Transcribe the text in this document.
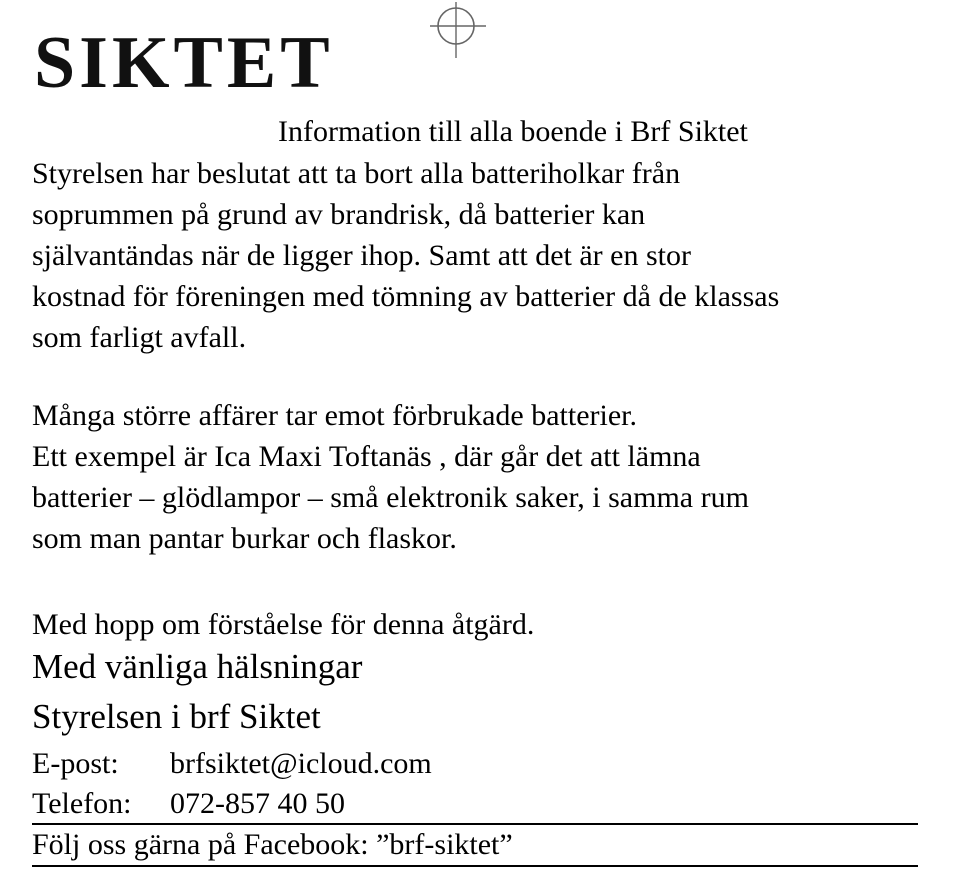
SIKTET
Information till alla boende i Brf Siktet
Styrelsen har beslutat att ta bort alla batteriholkar från
soprummen på grund av brandrisk, då batterier kan
självantändas när de ligger ihop. Samt att det är en stor
kostnad för föreningen med tömning av batterier då de klassas
som farligt avfall.
Många större affärer tar emot förbrukade batterier.
Ett exempel är Ica Maxi Toftanäs , där går det att lämna
batterier – glödlampor – små elektronik saker, i samma rum
som man pantar burkar och flaskor.
Med hopp om förståelse för denna åtgärd.
Med vänliga hälsningar
Styrelsen i brf Siktet
E-post: brfsiktet@icloud.com
Telefon: 072-857 40 50
Följ oss gärna på Facebook: ”brf-siktet”
